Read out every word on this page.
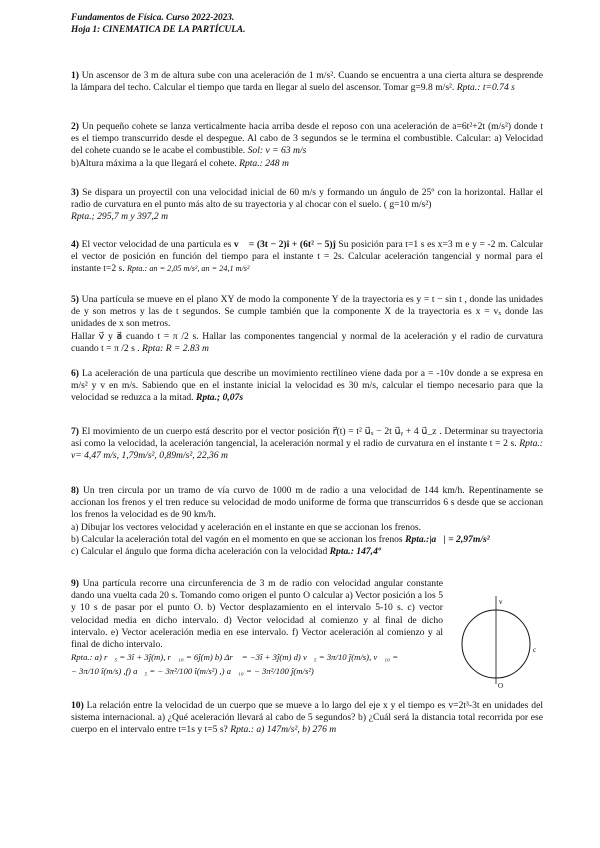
Fundamentos de Física. Curso 2022-2023.
Hoja 1: CINEMATICA DE LA PARTÍCULA.
1) Un ascensor de 3 m de altura sube con una aceleración de 1 m/s². Cuando se encuentra a una cierta altura se desprende la lámpara del techo. Calcular el tiempo que tarda en llegar al suelo del ascensor. Tomar g=9.8 m/s². Rpta.: t=0.74 s
2) Un pequeño cohete se lanza verticalmente hacia arriba desde el reposo con una aceleración de a=6t²+2t (m/s²) donde t es el tiempo transcurrido desde el despegue. Al cabo de 3 segundos se le termina el combustible. Calcular: a) Velocidad del cohete cuando se le acabe el combustible. Sol: v = 63 m/s
b)Altura máxima a la que llegará el cohete. Rpta.: 248 m
3) Se dispara un proyectil con una velocidad inicial de 60 m/s y formando un ángulo de 25º con la horizontal. Hallar el radio de curvatura en el punto más alto de su trayectoria y al chocar con el suelo. ( g=10 m/s²)
Rpta.; 295,7 m y 397,2 m
4) El vector velocidad de una partícula es v⃗ = (3t − 2)î + (6t² − 5)ĵ Su posición para t=1 s es x=3 m e y = -2 m. Calcular el vector de posición en función del tiempo para el instante t = 2s. Calcular aceleración tangencial y normal para el instante t=2 s. Rpta.: an = 2,05 m/s², an = 24,1 m/s²
5) Una partícula se mueve en el plano XY de modo la componente Y de la trayectoria es y = t − sin t , donde las unidades de y son metros y las de t segundos. Se cumple también que la componente X de la trayectoria es x = vₓ donde las unidades de x son metros.
Hallar v⃗ y a⃗ cuando t = π /2 s. Hallar las componentes tangencial y normal de la aceleración y el radio de curvatura cuando t = π /2 s . Rpta: R = 2.83 m
6) La aceleración de una partícula que describe un movimiento rectilíneo viene dada por a = -10v donde a se expresa en m/s² y v en m/s. Sabiendo que en el instante inicial la velocidad es 30 m/s, calcular el tiempo necesario para que la velocidad se reduzca a la mitad. Rpta.; 0,07s
7) El movimiento de un cuerpo está descrito por el vector posición r⃗(t) = t² u⃗ₓ − 2t u⃗ᵧ + 4 u⃗_z . Determinar su trayectoria así como la velocidad, la aceleración tangencial, la aceleración normal y el radio de curvatura en el instante t = 2 s. Rpta.: v= 4,47 m/s, 1,79m/s², 0,89m/s², 22,36 m
8) Un tren circula por un tramo de vía curvo de 1000 m de radio a una velocidad de 144 km/h. Repentinamente se accionan los frenos y el tren reduce su velocidad de modo uniforme de forma que transcurridos 6 s desde que se accionan los frenos la velocidad es de 90 km/h.
a) Dibujar los vectores velocidad y aceleración en el instante en que se accionan los frenos.
b) Calcular la aceleración total del vagón en el momento en que se accionan los frenos Rpta.:|a⃗| = 2,97m/s²
c) Calcular el ángulo que forma dicha aceleración con la velocidad Rpta.: 147,4º
9) Una partícula recorre una circunferencia de 3 m de radio con velocidad angular constante dando una vuelta cada 20 s. Tomando como origen el punto O calcular a) Vector posición a los 5 y 10 s de pasar por el punto O. b) Vector desplazamiento en el intervalo 5-10 s. c) vector velocidad media en dicho intervalo. d) Vector velocidad al comienzo y al final de dicho intervalo. e) Vector aceleración media en ese intervalo. f) Vector aceleración al comienzo y al final de dicho intervalo.
Rpta.: a) r⃗₅ = 3î + 3ĵ(m), r⃗₁₀ = 6ĵ(m) b) Δr⃗ = −3î + 3ĵ(m) d) v⃗₅ = 3π/10 ĵ(m/s), v⃗₁₀ =
− 3π/10 î(m/s) ,f) a⃗₅ = − 3π²/100 î(m/s²) ,) a⃗₁₀ = − 3π²/100 ĵ(m/s²)
v
c
O
10) La relación entre la velocidad de un cuerpo que se mueve a lo largo del eje x y el tiempo es v=2t³-3t en unidades del sistema internacional. a) ¿Qué aceleración llevará al cabo de 5 segundos? b) ¿Cuál será la distancia total recorrida por ese cuerpo en el intervalo entre t=1s y t=5 s? Rpta.: a) 147m/s², b) 276 m
